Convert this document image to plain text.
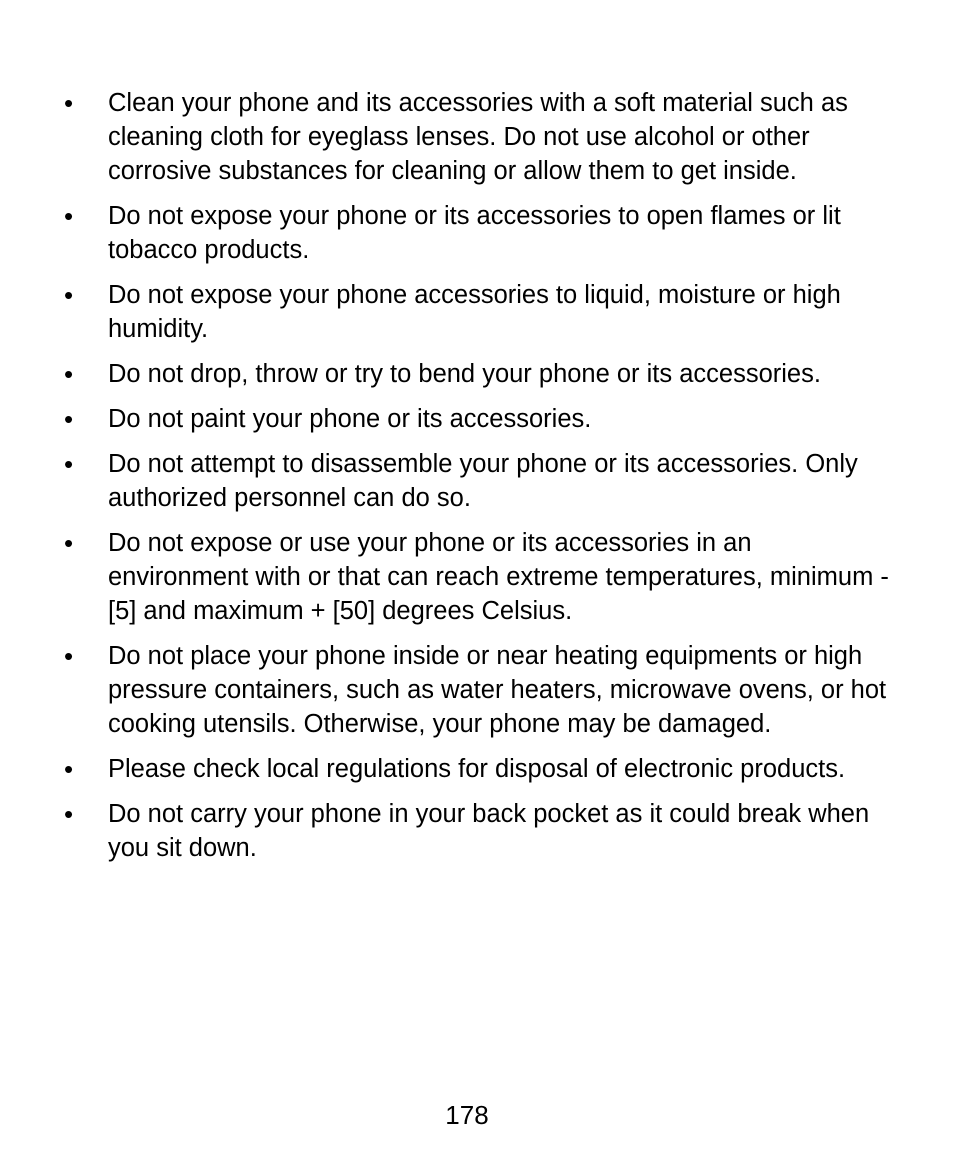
• Clean your phone and its accessories with a soft material such as cleaning cloth for eyeglass lenses. Do not use alcohol or other corrosive substances for cleaning or allow them to get inside.
• Do not expose your phone or its accessories to open flames or lit tobacco products.
• Do not expose your phone accessories to liquid, moisture or high humidity.
• Do not drop, throw or try to bend your phone or its accessories.
• Do not paint your phone or its accessories.
• Do not attempt to disassemble your phone or its accessories. Only authorized personnel can do so.
• Do not expose or use your phone or its accessories in an environment with or that can reach extreme temperatures, minimum - [5] and maximum + [50] degrees Celsius.
• Do not place your phone inside or near heating equipments or high pressure containers, such as water heaters, microwave ovens, or hot cooking utensils. Otherwise, your phone may be damaged.
• Please check local regulations for disposal of electronic products.
• Do not carry your phone in your back pocket as it could break when you sit down.
178
